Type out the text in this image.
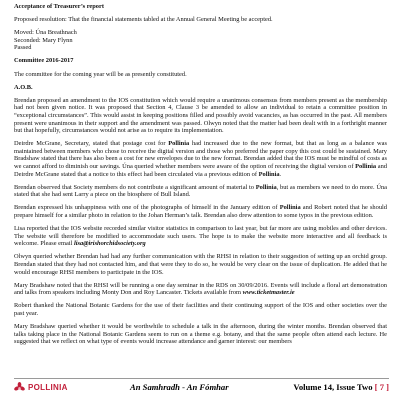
Acceptance of Treasurer’s report

Proposed resolution: That the financial statements tabled at the Annual General Meeting be accepted.

Moved: Úna Breathnach
Seconded: Mary Flynn
Passed

Committee 2016-2017

The committee for the coming year will be as presently constituted.

A.O.B.

Brendan proposed an amendment to the IOS constitution which would require a unanimous consensus from members present as the membership had not been given notice. It was proposed that Section 4, Clause 3 be amended to allow an individual to retain a committee position in “exceptional circumstances”. This would assist in keeping positions filled and possibly avoid vacancies, as has occurred in the past. All members present were unanimous in their support and the amendment was passed. Olwyn noted that the matter had been dealt with in a forthright manner but that hopefully, circumstances would not arise as to require its implementation.

Deirdre McGrane, Secretary, stated that postage cost for Pollinia had increased due to the new format, but that as long as a balance was maintained between members who chose to receive the digital version and those who preferred the paper copy this cost could be sustained. Mary Bradshaw stated that there has also been a cost for new envelopes due to the new format. Brendan added that the IOS must be mindful of costs as we cannot afford to diminish our savings. Úna queried whether members were aware of the option of receiving the digital version of Pollinia and Deirdre McGrane stated that a notice to this effect had been circulated via a previous edition of Pollinia.

Brendan observed that Society members do not contribute a significant amount of material to Pollinia, but as members we need to do more. Úna stated that she had sent Larry a piece on the biosphere of Bull Island.

Brendan expressed his unhappiness with one of the photographs of himself in the January edition of Pollinia and Robert noted that he should prepare himself for a similar photo in relation to the Johan Herman’s talk. Brendan also drew attention to some typos in the previous edition.

Lisa reported that the IOS website recorded similar visitor statistics in comparison to last year, but far more are using mobiles and other devices. The website will therefore be modified to accommodate such users. The hope is to make the website more interactive and all feedback is welcome. Please email lisa@irishorchidsociety.org

Olwyn queried whether Brendan had had any further communication with the RHSI in relation to their suggestion of setting up an orchid group. Brendan stated that they had not contacted him, and that were they to do so, he would be very clear on the issue of duplication. He added that he would encourage RHSI members to participate in the IOS.

Mary Bradshaw noted that the RHSI will be running a one day seminar in the RDS on 30/09/2016. Events will include a floral art demonstration and talks from speakers including Monty Don and Roy Lancaster. Tickets available from www.ticketmaster.ie

Robert thanked the National Botanic Gardens for the use of their facilities and their continuing support of the IOS and other societies over the past year.

Mary Bradshaw queried whether it would be worthwhile to schedule a talk in the afternoon, during the winter months. Brendan observed that talks taking place in the National Botanic Gardens seem to run on a theme e.g. botany, and that the same people often attend each lecture. He suggested that we reflect on what type of events would increase attendance and garner interest: our members

POLLINIA	An Samhradh - An Fómhar	Volume 14, Issue Two [ 7 ]
